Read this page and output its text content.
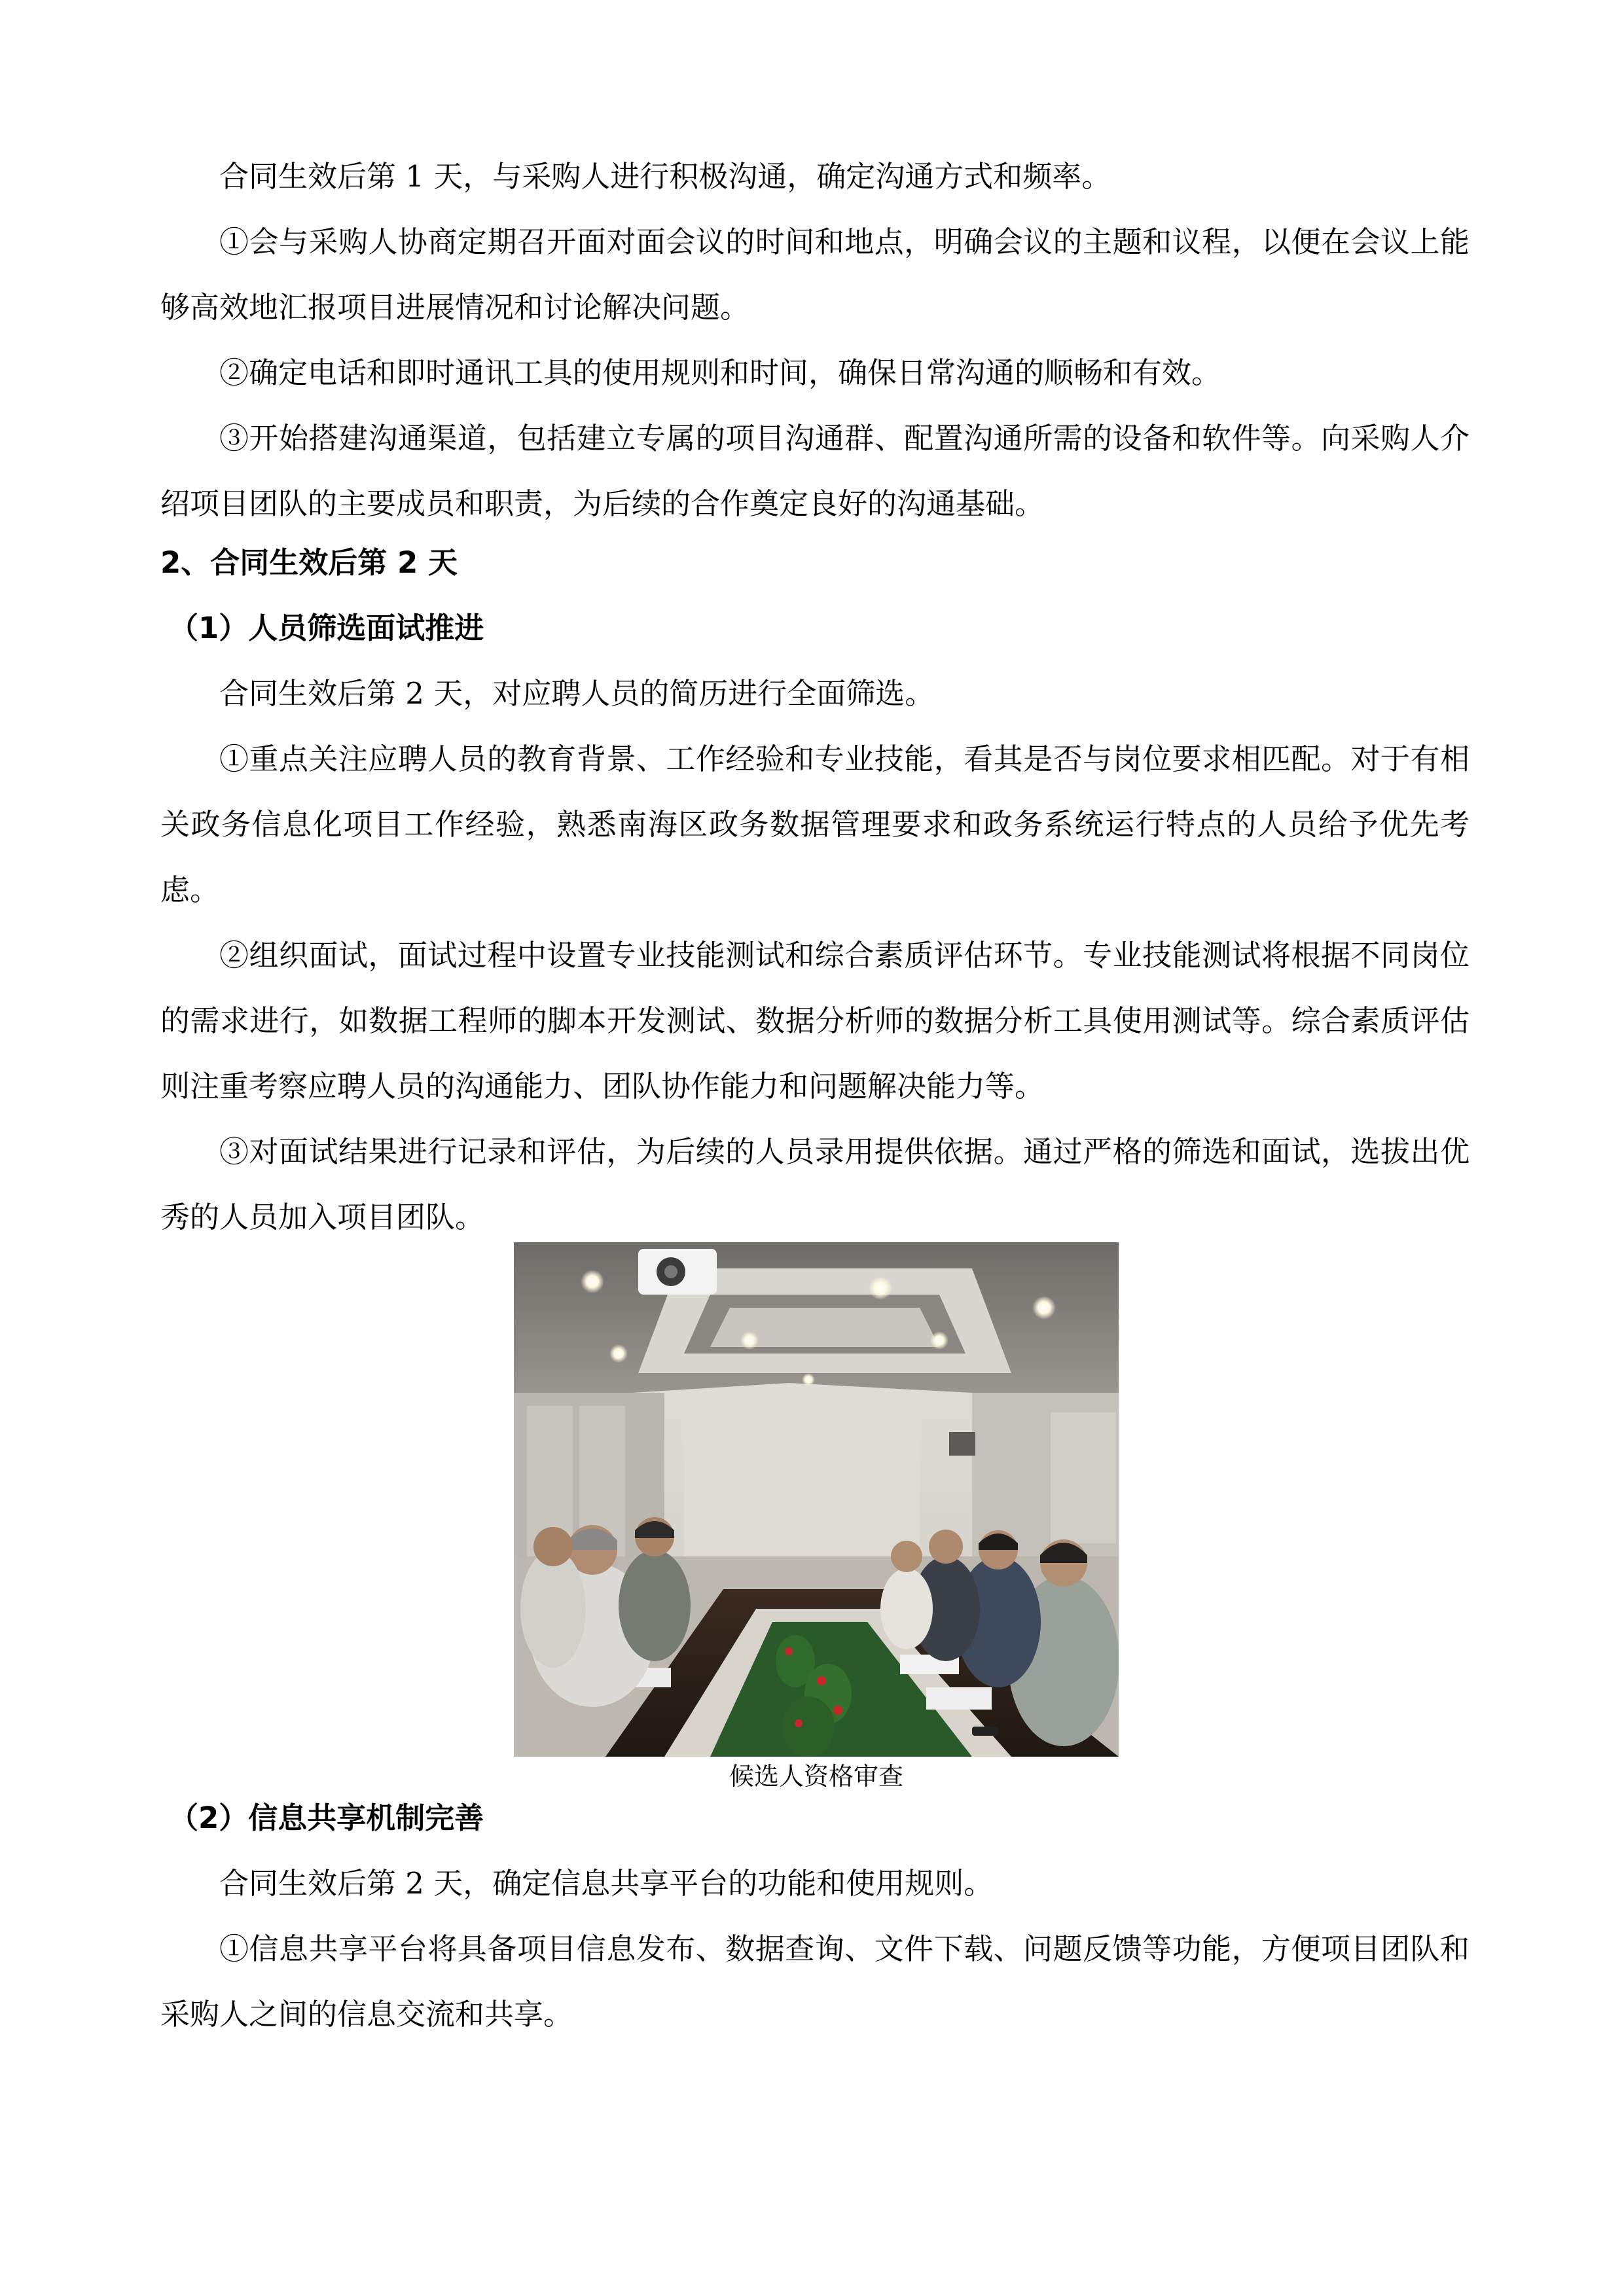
合同生效后第 1 天，与采购人进行积极沟通，确定沟通方式和频率。

①会与采购人协商定期召开面对面会议的时间和地点，明确会议的主题和议程，以便在会议上能够高效地汇报项目进展情况和讨论解决问题。

②确定电话和即时通讯工具的使用规则和时间，确保日常沟通的顺畅和有效。

③开始搭建沟通渠道，包括建立专属的项目沟通群、配置沟通所需的设备和软件等。向采购人介绍项目团队的主要成员和职责，为后续的合作奠定良好的沟通基础。

2、合同生效后第 2 天

（1）人员筛选面试推进

合同生效后第 2 天，对应聘人员的简历进行全面筛选。

①重点关注应聘人员的教育背景、工作经验和专业技能，看其是否与岗位要求相匹配。对于有相关政务信息化项目工作经验，熟悉南海区政务数据管理要求和政务系统运行特点的人员给予优先考虑。

②组织面试，面试过程中设置专业技能测试和综合素质评估环节。专业技能测试将根据不同岗位的需求进行，如数据工程师的脚本开发测试、数据分析师的数据分析工具使用测试等。综合素质评估则注重考察应聘人员的沟通能力、团队协作能力和问题解决能力等。

③对面试结果进行记录和评估，为后续的人员录用提供依据。通过严格的筛选和面试，选拔出优秀的人员加入项目团队。

候选人资格审查

（2）信息共享机制完善

合同生效后第 2 天，确定信息共享平台的功能和使用规则。

①信息共享平台将具备项目信息发布、数据查询、文件下载、问题反馈等功能，方便项目团队和采购人之间的信息交流和共享。
